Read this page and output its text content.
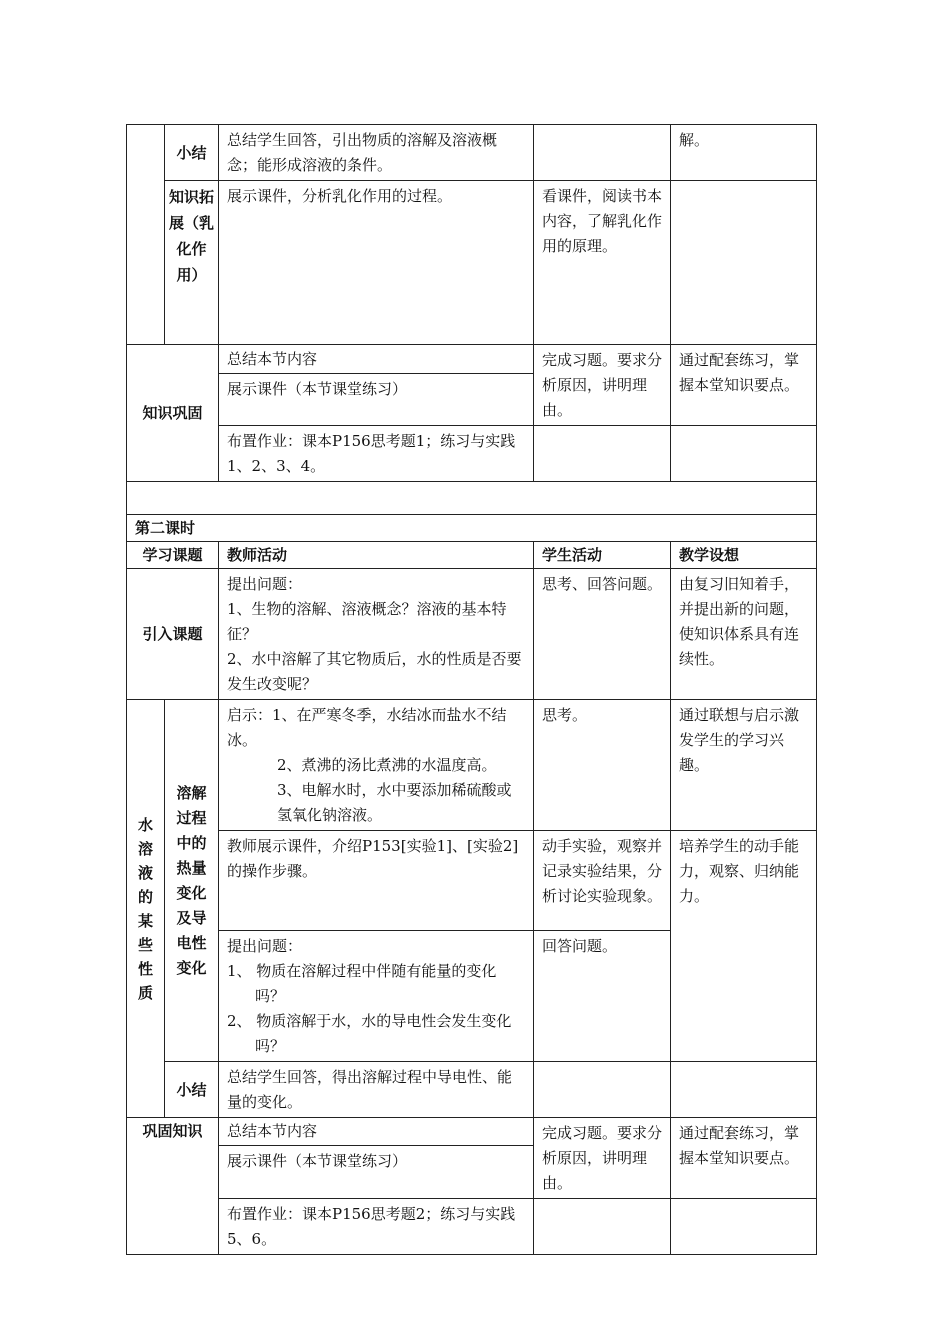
	小结	总结学生回答，引出物质的溶解及溶液概念；能形成溶液的条件。		解。
	知识拓展（乳化作用）	展示课件，分析乳化作用的过程。	看课件，阅读书本内容，了解乳化作用的原理。	
知识巩固		总结本节内容	完成习题。要求分析原因，讲明理由。	通过配套练习，掌握本堂知识要点。
		展示课件（本节课堂练习）		
		布置作业：课本P156思考题1；练习与实践1、2、3、4。		

第二课时				
学习课题		教师活动	学生活动	教学设想
引入课题		提出问题：
1、生物的溶解、溶液概念？溶液的基本特征？
2、水中溶解了其它物质后，水的性质是否要发生改变呢？	思考、回答问题。	由复习旧知着手，并提出新的问题，使知识体系具有连续性。

水溶液的某些性质	溶解过程中的热量变化及导电性变化	启示：1、在严寒冬季，水结冰而盐水不结冰。
2、煮沸的汤比煮沸的水温度高。
3、电解水时，水中要添加稀硫酸或氢氧化钠溶液。	思考。	通过联想与启示激发学生的学习兴趣。
		教师展示课件，介绍P153[实验1]、[实验2]的操作步骤。	动手实验，观察并记录实验结果，分析讨论实验现象。	培养学生的动手能力，观察、归纳能力。

		提出问题：
1、 物质在溶解过程中伴随有能量的变化吗？
2、 物质溶解于水，水的导电性会发生变化吗？	回答问题。	
	小结	总结学生回答，得出溶解过程中导电性、能量的变化。		
巩固知识		总结本节内容	完成习题。要求分析原因，讲明理由。	通过配套练习，掌握本堂知识要点。
		展示课件（本节课堂练习）		
		布置作业：课本P156思考题2；练习与实践5、6。		
